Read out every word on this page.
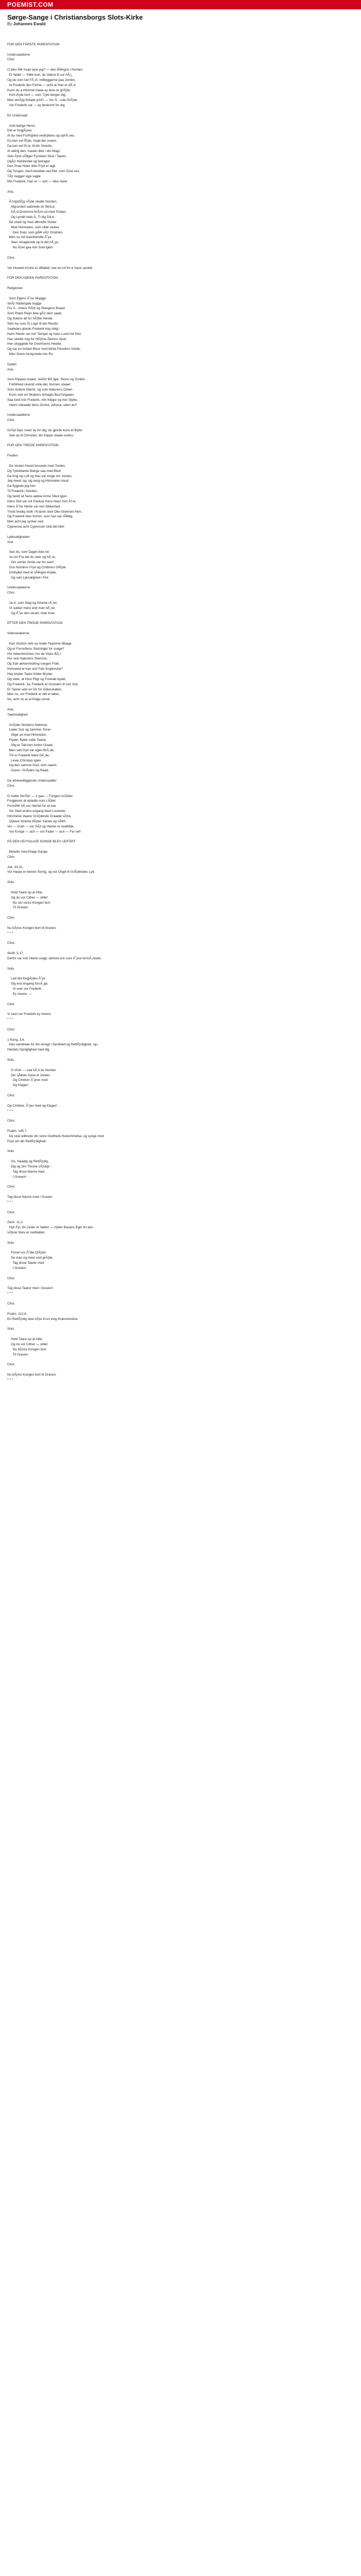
POEMIST.COM
Sørge-Sange i Christiansborgs Slots-Kirke
By Johannes Ewald
FOR DEN FÃRSTE PARENTATION
Undersaatterne
Chor.
O blev Ã¥r hvad seer jeg? — den fÃ¥ngne i Norden
Er faldet — Stille bort, du Vabne til vor hÃ¸j,
Og du som lod FÃ¸d i indbyggerne paa Jorden,
At Frederik den Femte — acht at Han er dÃ¸d.
Kunn du a Himmel maae ey lave os grÃ¦de;
Kort lÃ¦de bort — som Trykt berger dig;
Men skrÃ¦ig forlade jord? — Vor Ã…nde GrÃ¦de,
Vor Frederik var — ey beskomt for dig.
En Undersaat
Acht bange Herre,
Det er forgjÃ¦ves
At du med Forfrighed vedtrykkes og ophÃ¸ves.
Du kan vel fÃ¦de, hvad der svarer,
Da kan vel fÃ¸le, til din Smerte,
At aldrig den, mawer ikke i din Magt.
Selv Ã¦ret sÃ¥ger Fyrsteen Skul i Taarer,
OgÃ¦r Halsbindet og betrager
Den Graa Hoier dets Fryd er lagt.
Og Tungen, doch bestilde ved Ret, som Ã¦ret ses,
TÃ¦r negger sige sagte:
Min Frederik, Han er — ach — ikke meer.
Aria.
Ã†ngstlÃ¦g sÃ¦de sikalte Norden;
Afgrunden aabnede sit Skrâ,d,
DÃ¸d-Drommre brÃ¦nt ud med Torden,
Og Lyndd viste Ã¸ Tl dig Dâ,d.
Da stred og med afbrudte Sukke
Mod Himmelen, som vilde slukke
Den Soel, som gÃ¥r vÃ¦r Omdrien.
Men nu mit baanbendte Ã˜ye
Seer omagtende op til det hÃ¸ye,
Nu Ã¦ret gaa min Soel igien.
Chor.
Vor Hoveds Krone er affaldet; vee os ruf thi vi have syndet.
FOR DEN ANDEN PARENTATION
Religionen
Som Egens Ã˜ne Skygge
SkÃ¦r Nattergale trygge
For Ã…lmens RÃ¦tt og Slangens Braad;
Som Plads Regn ikke gÃ¦r dem saad;
Og Solens alt for hÃ¦ftie Hevde
Selv Ivy sure Ã¦ Logn til der Revde:
Saaledes gtorde Frederik mig roligt.
Hans Hierte var min Tempel og hans Lund mit Slot;
Han skielte mig for HÃ¦lrne Ãlemns Spot;
Han skyggede for Overtroens Heede,
Og var en trofast Muur mod blinte Fienders Vrede;
Men Svem forstyrrede min Ro.
Dyden
Aria.
Som Klippen maaer, skiÃ¦rt BÃ¸lger, Storm og Torden
Forbliived rasend volle,der, hunner, staaer;
Som Solens Glantz, og som Naturens Orden
Kuns ved sin Skabers Almagts Bud forgaaer:
Saa stod min Frederik, min Klippe og min Stytte,
Havni mikeade dens Grund, Jehova, uden du?
Undersaatterne
Chor.
GrÃ¦d Dyd, meer ey for dig; du gjorde kuns et Bytte:
See op til Christian; din Klippe staaer endnu.
FOR DEN TREDIE PARENTATION
Freden
Da Vesten Havet brusede med Torden,
Og Tydsklands Bierge saa med Blod;
Da Krig og Luft og Hav var enige om Jorden,
Jeg heed, og, sig rerig og Himmelen imod;
Da flyjgede jeg hen
Til Frederik i Norden,
Og fandt sit hans aabne Arme Skiul igien.
Hans Slot var mit Paulusi Hans Navn min Ã†re,
Hans Ã˜rte Hierte var min Sikkerhed.
Trods blodig stolk i Krands stod Olie-Greenen frem,
Og Frederik blev fromm, som han var rÃ¥dig.
Men acht jeg synker ned,
Cypresser,acht Cypresser skal det blie!
Lykksaligheden
Aria.
See du, som Daget ikke ret,
Ja om Fra det du seer og hÃ¸re,
Om venter Smile var for seer!
Gus Nordens Fryd og Cimbrers GlÃ¦de
Omhyllet med et sÃ¥rgen-Klade,
Og selv Lyksalighed i Flor.
Undersaatterne
Chor.
Ja vi, som Slag og Smerte rÃ¸rer,
Vi sukker mere end man hÃ¸rer,
Og Ã˜ye den skueir, man troer.
EFTER DEN TREDIE PARENTATION
Videnskaberne
Kan Visdom selv ey holde Taarerne tilbage,
Og er Fornuftens Slutninger for svage?
Hvr Alderdommen, hvr de Vises BÃ¸r,
Hvr selv Naturens Stemme,
Og Sair ærkemindring voegen Frøk,
Hvisneed er kan vort Fals forglemme?
Hey bryder Taare Kilder Bryder.
Og vider, at Hvor Pligt og Troskab byder,
Og Frederik. Ja, Frederik er Grunden til vort Suk,
Er Taarer selv en Dir for Videnskaber;
Men nu, vor Frederik er det ei taber,
Nu, ach! nu er al Klage smuk.
Aria.
Taelmodighed
GrÃ¦der Nordens Nationer,
Lader Suk og Jammer-Toner
Stige ud mod Himmelen.
Flyder, flyder salte Taarer,
Slig er Tab,hen fordre Graad.
Men selv fryd var egen BrÃ¸de,
Thi er Frederik blant DÃ¸de,
Lever Christian igien
Og den samme Gud, som raarer,
Gaver i GrÃ¦den og Raad.
De afskeedtiggende Undersaatter
Chor.
O matte SkrÃ¦k! — o gaa — Tungen rorÃ¦ber
Forgjeives at opladte vore LÃ¦ber.
FormÃ¥r hÃ¸res Hiertet for at see
Sin Sted endnu engang blant Levende.
Himmelsk Vaarer GrÃ¦dende Graader vÃ¦re,
Opleve Smerte dÃ¦ber Sande og sÃ¥rt:
Vor — Gud! — vor SÃ¦l og Hierter er nedkilde,
Vor Konge — ach — vor Fader — ach — Far vel!
PÃ DEN HÃYSALIGE KONGE BLEV UDFÃRT
Motetto med Klage-Sange.
Chor.
Job. 30,31.
Vor Harpe er bleven Sorrig, og vor Orgel til GrÃ¦dendes Lyd.
Solo.
Hold Taare op at trille,
Og du vor Cither — stille!
Nu ser vores Kongen bort
Til Graven:
Chor.
Nu bÃ¦res Kongen bort til Graven.
* * *
Chor.
Skrift. 5,17.
Derfor var vort Hierte svagt; derfore ere vore Ã˜yne formÃ¸rkede.
Solo.
Lad det forgjÃ¦des Ã˜ye
Sig end engang forsÃ¸ge,
Vi seer vor Frederik
Ey meere. —
Chor.
Vi seer vor Frederik ey meere.
* * *
Chor.
1 Kong. 3,6.
Han vandrede for din Ansigt i Sandhed og RetfÃ¦rdighed, og i
Hiertets Oprigtighed med dig.
Solo.
O Vink! — saa hÃ¸it du Norden
Din sÃ¥ste Gave til Jorden
Og Cimbrer Ã˜yner med
Og Klager!
Chor.
Og Cimbrer, Ã˜yer med og Klager! -
* * *
Chor.
Psalm, 145,7.
De skal udbrede din store Godheds Ihukommelse, og synge med
Fryd om din RetfÃ¦rdighed.
Solo.
Vis, Naadig og RetfÃ¦rdig,
Dig og Din Throne vÃ¦rdig! -
Tag disse Navne med
I Graven! -
Chor.
Tag disse Navne med i Graven.
* * *
Chor.
Zach. 11,2.
Hyl! Fyr, thi Ceder er falden — Hyller Basans Ege! thi den
sÃ¦kne Skov er nedfalden.
Solo.
Forvel vor Ã˜dle GlÃ¦de!
Se man og meer end grÃ¦de,
Tag disse Taarer med
I Graven!
Chor.
Tag disse Taarer med i Graven!
* * *
Chor.
Psalm. 112,6.
En RetfÃ¦rdig skal vÃ¦re til en evig Ihukommelse.
Solo.
Hold Taare op at trille,
Og du vor Cither — stille!
Nu bÃ¦res Kongen bort
Til Graven:
Chor.
Nu bÃ¦res Kongen bort til Graven.
* * *
